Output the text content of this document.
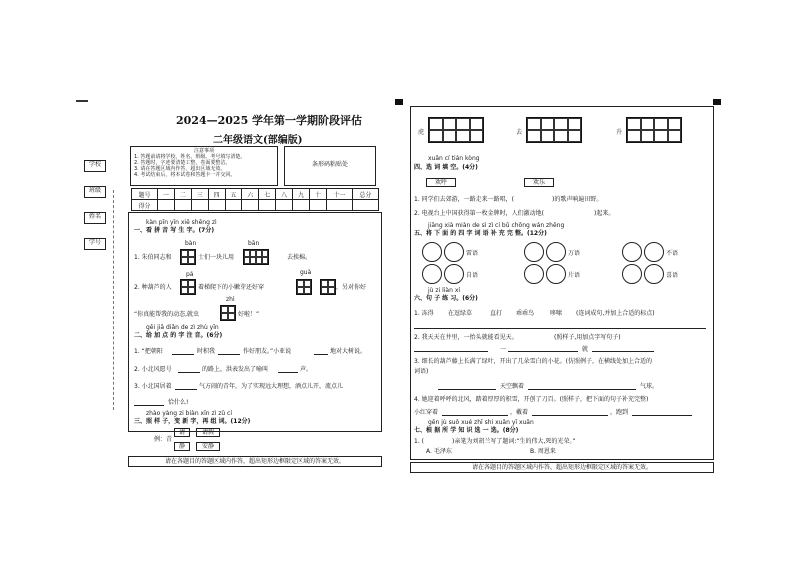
2024—2025 学年第一学期阶段评估
二年级语文(部编版)
注意事项
1. 答题前请将学校、姓名、班级、考号填写清楚。
2. 答题时，字迹要清楚工整，卷面要整洁。
3. 请在答题区域内作答，超出区域无效。
4. 考试结束后，将本试卷和答题卡一并交回。
条形码粘贴处
学校
班级
姓名
学号
题号	一	二	三	四	五	六	七	八	九	十	十一	总分
得分												
kàn pīn yīn xiě shēng zì
一、看 拼 音 写 生 字。(7分)
bàn	bān
1. 朱伯同志和	士们一块儿用	去挨棉。
pá	guà
2. 种葫芦的人	着梯爬下的小嫩芽还好穿	，另对你好
zhì
“你真能帮我的动态,就虫	好啦！”
gěi jiā diǎn de zì zhù yīn
二、给 加 点 的 字 注 音。(6分)
1. “把朝阳	时积我	作好朋友。”小亚说	地对大树说。
2. 小北风愿号	的路上，洪表发出了喻叫	声。
3. 小北国居着	气方闹的青年，为了实现远大理想，酒点儿开，流点儿
恰什么!
zhào yàng zi biàn xīn zì zǔ cí
三、照 样 子，变 新 字，再 组 词。(12分)
例：青
请	请假
静	安静
请在各题目的答题区域内作答，超出矩形边框限定区域的答案无效。
虎	去	升
xuǎn cí tián kòng
四、选 词 填 空。(4分)
欢呼	欢乐
1. 同学们去郊游，一路走来一路唱，(	)的歌声响遍田野。
2. 电视台上中国获得第一枚金牌时，人们激动地(	)起来。
jiāng xià miàn de sì zì cí bǔ chōng wán zhěng
五、将 下 面 的 四 字 词 语 补 充 完 整。(12分)
雷语	万语	不语
自语	片语	喜语
jù zi liàn xí
六、句 子 练 习。(6分)
1. 冻得 在逗绿草	直打 乖乖鸟	哆嗦 (连词成句,并加上合适的标点)
2. 我天天在井里，一抬头就能看见天。	(照样子,用加点字写句子)
一	就
3. 细长的葫芦藤上长满了绿叶，开出了几朵雪白的小花。(仿照例子，在横线处加上合适的
词语)
天空飘着	气球。
4. 她迎着呼呼的北风，踏着厚厚的积雪，开创了刀百。(照样子，把下面的句子补充完整)
小红穿着	，戴着	，跑到
gēn jù suǒ xué zhī shi xuǎn yī xuǎn
七、根 据 所 学 知 识 选 一 选。(8分)
1. (	)亲笔为刘胡兰写了题词:“生的伟大,死的光荣。”
A. 毛泽东	B. 周恩来
请在各题目的答题区域内作答，超出矩形边框限定区域的答案无效。
